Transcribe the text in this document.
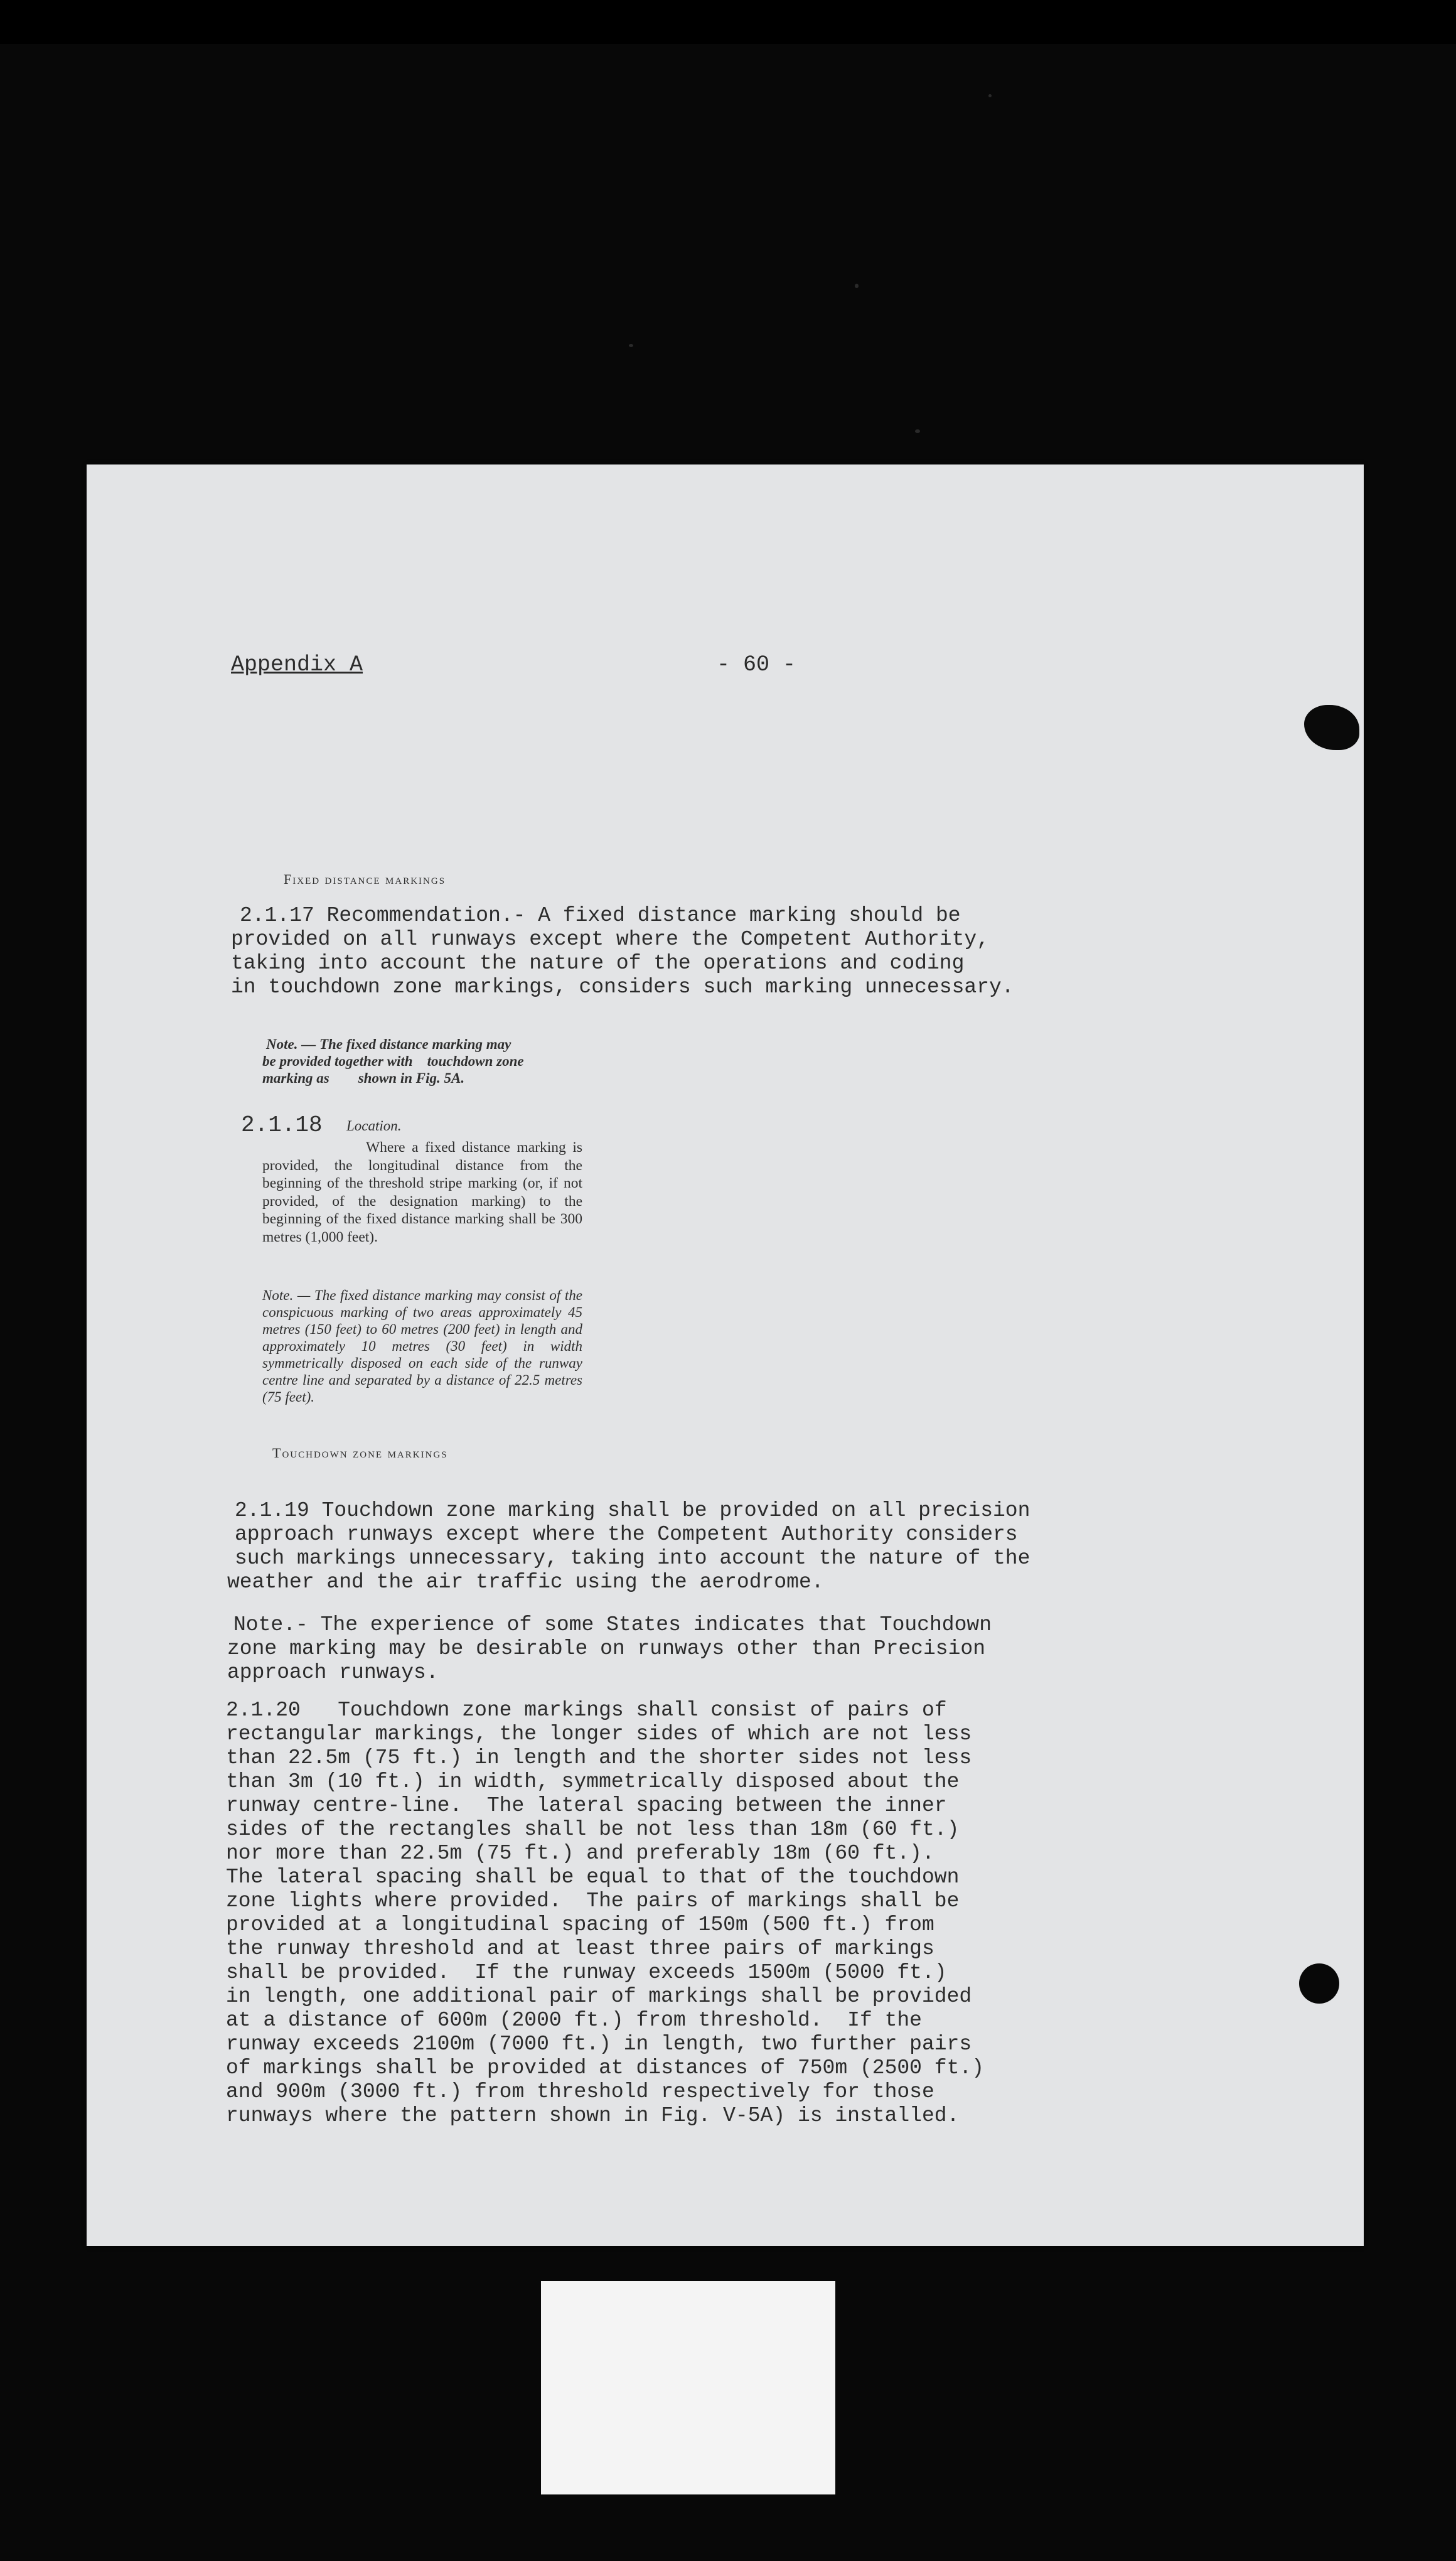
Appendix A	- 60 -
Fixed distance markings
2.1.17 Recommendation.- A fixed distance marking should be
provided on all runways except where the Competent Authority,
taking into account the nature of the operations and coding
in touchdown zone markings, considers such marking unnecessary.
Note. — The fixed distance marking may
be provided together with    touchdown zone
marking as        shown in Fig. 5A.
2.1.18 Location.
Where a fixed distance marking is provided, the longitudinal distance from the beginning of the threshold stripe marking (or, if not provided, of the designation marking) to the beginning of the fixed distance marking shall be 300 metres (1,000 feet).
Note. — The fixed distance marking may consist of the conspicuous marking of two areas approximately 45 metres (150 feet) to 60 metres (200 feet) in length and approximately 10 metres (30 feet) in width symmetrically disposed on each side of the runway centre line and separated by a distance of 22.5 metres (75 feet).
Touchdown zone markings
2.1.19 Touchdown zone marking shall be provided on all precision
approach runways except where the Competent Authority considers
such markings unnecessary, taking into account the nature of the
weather and the air traffic using the aerodrome.
Note.- The experience of some States indicates that Touchdown
zone marking may be desirable on runways other than Precision
approach runways.
2.1.20   Touchdown zone markings shall consist of pairs of
rectangular markings, the longer sides of which are not less
than 22.5m (75 ft.) in length and the shorter sides not less
than 3m (10 ft.) in width, symmetrically disposed about the
runway centre-line.  The lateral spacing between the inner
sides of the rectangles shall be not less than 18m (60 ft.)
nor more than 22.5m (75 ft.) and preferably 18m (60 ft.).
The lateral spacing shall be equal to that of the touchdown
zone lights where provided.  The pairs of markings shall be
provided at a longitudinal spacing of 150m (500 ft.) from
the runway threshold and at least three pairs of markings
shall be provided.  If the runway exceeds 1500m (5000 ft.)
in length, one additional pair of markings shall be provided
at a distance of 600m (2000 ft.) from threshold.  If the
runway exceeds 2100m (7000 ft.) in length, two further pairs
of markings shall be provided at distances of 750m (2500 ft.)
and 900m (3000 ft.) from threshold respectively for those
runways where the pattern shown in Fig. V-5A) is installed.
